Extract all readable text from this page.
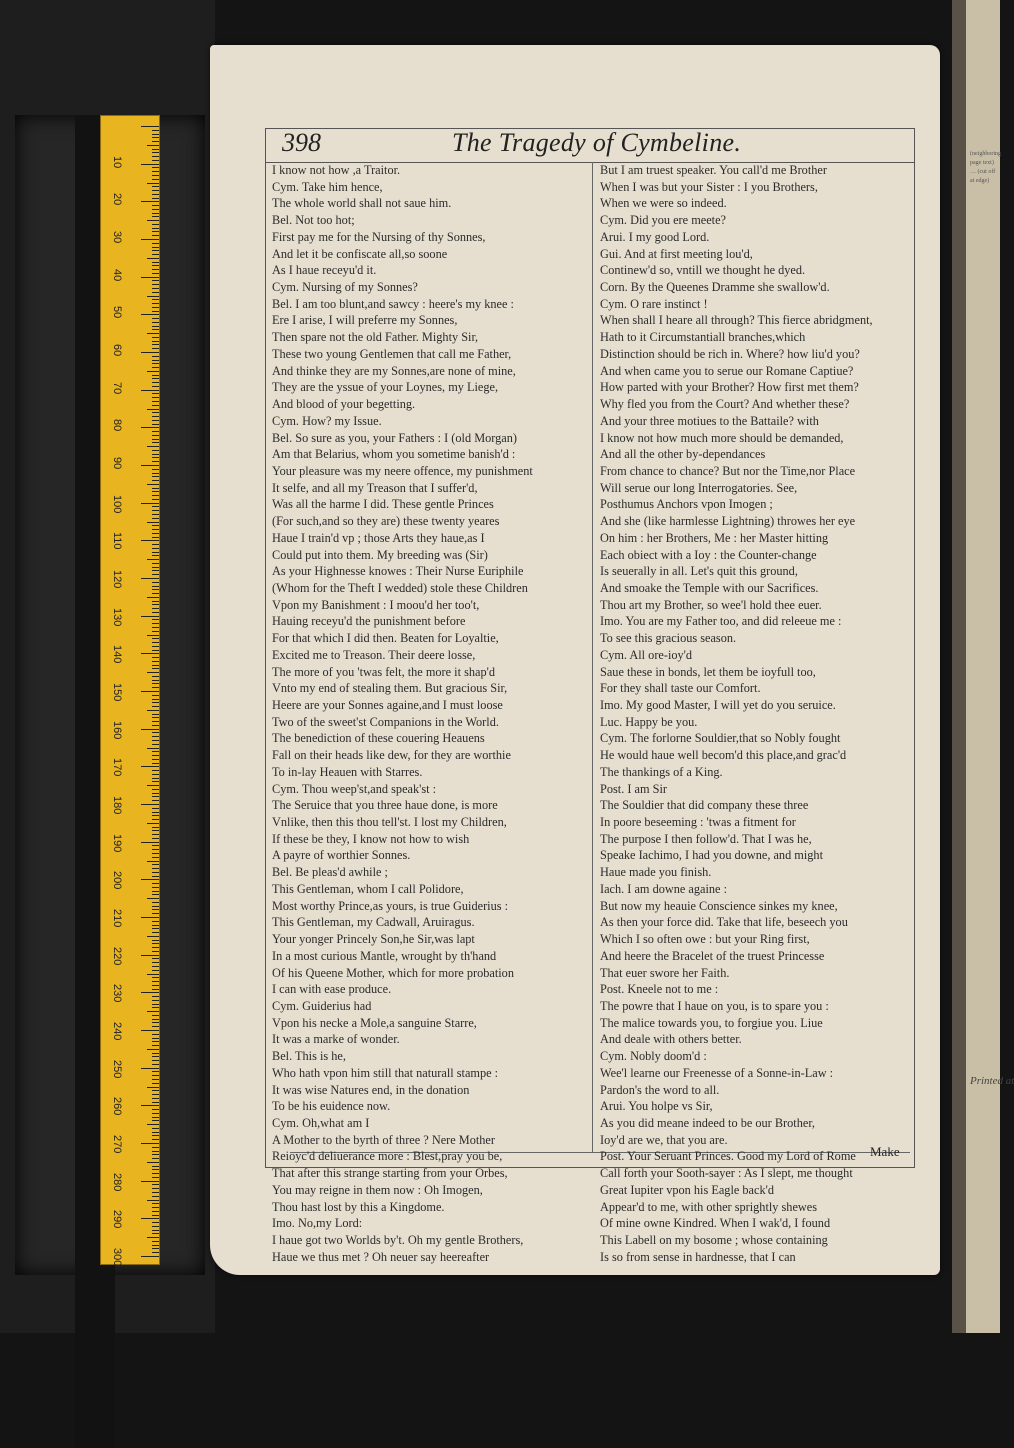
10
20
30
40
50
60
70
80
90
100
110
120
130
140
150
160
170
180
190
200
210
220
230
240
250
260
270
280
290
300
(neighboring page text) … (cut off at edge)
Printed at
398	The Tragedy of Cymbeline.
I know not how ,a Traitor.
Cym. Take him hence,
The whole world shall not saue him.
Bel. Not too hot;
First pay me for the Nursing of thy Sonnes,
And let it be confiscate all,so soone
As I haue receyu'd it.
Cym. Nursing of my Sonnes?
Bel. I am too blunt,and sawcy : heere's my knee :
Ere I arise, I will preferre my Sonnes,
Then spare not the old Father. Mighty Sir,
These two young Gentlemen that call me Father,
And thinke they are my Sonnes,are none of mine,
They are the yssue of your Loynes, my Liege,
And blood of your begetting.
Cym. How? my Issue.
Bel. So sure as you, your Fathers : I (old Morgan)
Am that Belarius, whom you sometime banish'd :
Your pleasure was my neere offence, my punishment
It selfe, and all my Treason that I suffer'd,
Was all the harme I did. These gentle Princes
(For such,and so they are) these twenty yeares
Haue I train'd vp ; those Arts they haue,as I
Could put into them. My breeding was (Sir)
As your Highnesse knowes : Their Nurse Euriphile
(Whom for the Theft I wedded) stole these Children
Vpon my Banishment : I moou'd her too't,
Hauing receyu'd the punishment before
For that which I did then. Beaten for Loyaltie,
Excited me to Treason. Their deere losse,
The more of you 'twas felt, the more it shap'd
Vnto my end of stealing them. But gracious Sir,
Heere are your Sonnes againe,and I must loose
Two of the sweet'st Companions in the World.
The benediction of these couering Heauens
Fall on their heads like dew, for they are worthie
To in-lay Heauen with Starres.
Cym. Thou weep'st,and speak'st :
The Seruice that you three haue done, is more
Vnlike, then this thou tell'st. I lost my Children,
If these be they, I know not how to wish
A payre of worthier Sonnes.
Bel. Be pleas'd awhile ;
This Gentleman, whom I call Polidore,
Most worthy Prince,as yours, is true Guiderius :
This Gentleman, my Cadwall, Aruiragus.
Your yonger Princely Son,he Sir,was lapt
In a most curious Mantle, wrought by th'hand
Of his Queene Mother, which for more probation
I can with ease produce.
Cym. Guiderius had
Vpon his necke a Mole,a sanguine Starre,
It was a marke of wonder.
Bel. This is he,
Who hath vpon him still that naturall stampe :
It was wise Natures end, in the donation
To be his euidence now.
Cym. Oh,what am I
A Mother to the byrth of three ? Nere Mother
Reioyc'd deliuerance more : Blest,pray you be,
That after this strange starting from your Orbes,
You may reigne in them now : Oh Imogen,
Thou hast lost by this a Kingdome.
Imo. No,my Lord:
I haue got two Worlds by't. Oh my gentle Brothers,
Haue we thus met ? Oh neuer say heereafter
But I am truest speaker. You call'd me Brother
When I was but your Sister : I you Brothers,
When we were so indeed.
Cym. Did you ere meete?
Arui. I my good Lord.
Gui. And at first meeting lou'd,
Continew'd so, vntill we thought he dyed.
Corn. By the Queenes Dramme she swallow'd.
Cym. O rare instinct !
When shall I heare all through? This fierce abridgment,
Hath to it Circumstantiall branches,which
Distinction should be rich in. Where? how liu'd you?
And when came you to serue our Romane Captiue?
How parted with your Brother? How first met them?
Why fled you from the Court? And whether these?
And your three motiues to the Battaile? with
I know not how much more should be demanded,
And all the other by-dependances
From chance to chance? But nor the Time,nor Place
Will serue our long Interrogatories. See,
Posthumus Anchors vpon Imogen ;
And she (like harmlesse Lightning) throwes her eye
On him : her Brothers, Me : her Master hitting
Each obiect with a Ioy : the Counter-change
Is seuerally in all. Let's quit this ground,
And smoake the Temple with our Sacrifices.
Thou art my Brother, so wee'l hold thee euer.
Imo. You are my Father too, and did releeue me :
To see this gracious season.
Cym. All ore-ioy'd
Saue these in bonds, let them be ioyfull too,
For they shall taste our Comfort.
Imo. My good Master, I will yet do you seruice.
Luc. Happy be you.
Cym. The forlorne Souldier,that so Nobly fought
He would haue well becom'd this place,and grac'd
The thankings of a King.
Post. I am Sir
The Souldier that did company these three
In poore beseeming : 'twas a fitment for
The purpose I then follow'd. That I was he,
Speake Iachimo, I had you downe, and might
Haue made you finish.
Iach. I am downe againe :
But now my heauie Conscience sinkes my knee,
As then your force did. Take that life, beseech you
Which I so often owe : but your Ring first,
And heere the Bracelet of the truest Princesse
That euer swore her Faith.
Post. Kneele not to me :
The powre that I haue on you, is to spare you :
The malice towards you, to forgiue you. Liue
And deale with others better.
Cym. Nobly doom'd :
Wee'l learne our Freenesse of a Sonne-in-Law :
Pardon's the word to all.
Arui. You holpe vs Sir,
As you did meane indeed to be our Brother,
Ioy'd are we, that you are.
Post. Your Seruant Princes. Good my Lord of Rome
Call forth your Sooth-sayer : As I slept, me thought
Great Iupiter vpon his Eagle back'd
Appear'd to me, with other sprightly shewes
Of mine owne Kindred. When I wak'd, I found
This Labell on my bosome ; whose containing
Is so from sense in hardnesse, that I can
Make
